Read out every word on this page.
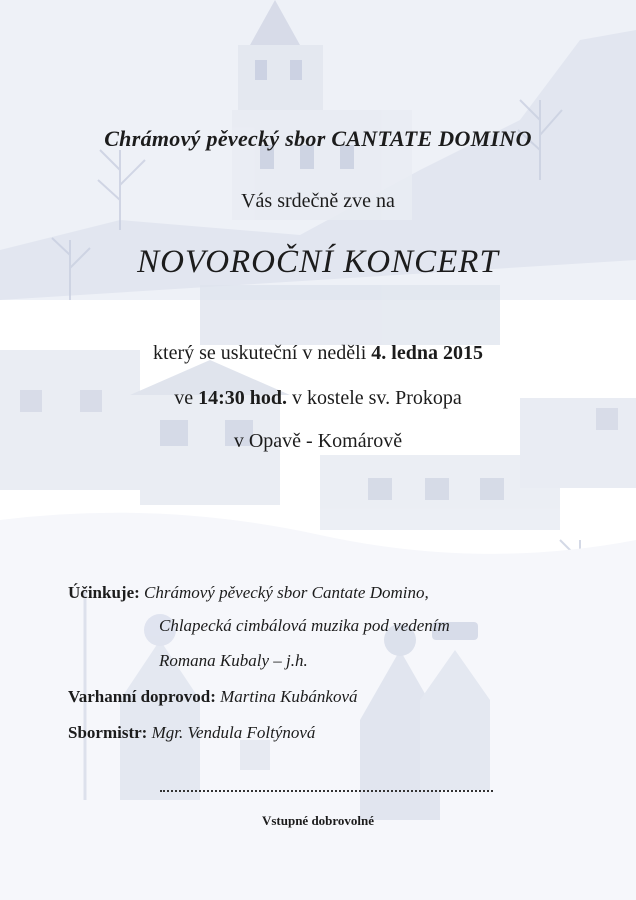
Chrámový pěvecký sbor CANTATE DOMINO
Vás srdečně zve na
NOVOROČNÍ KONCERT
který se uskuteční v neděli 4. ledna 2015
ve 14:30 hod. v kostele sv. Prokopa
v Opavě - Komárově
Účinkuje: Chrámový pěvecký sbor Cantate Domino,
Chlapecká cimbálová muzika pod vedením
Romana Kubaly – j.h.
Varhanní doprovod: Martina Kubánková
Sbormistr: Mgr. Vendula Foltýnová
Vstupné dobrovolné
